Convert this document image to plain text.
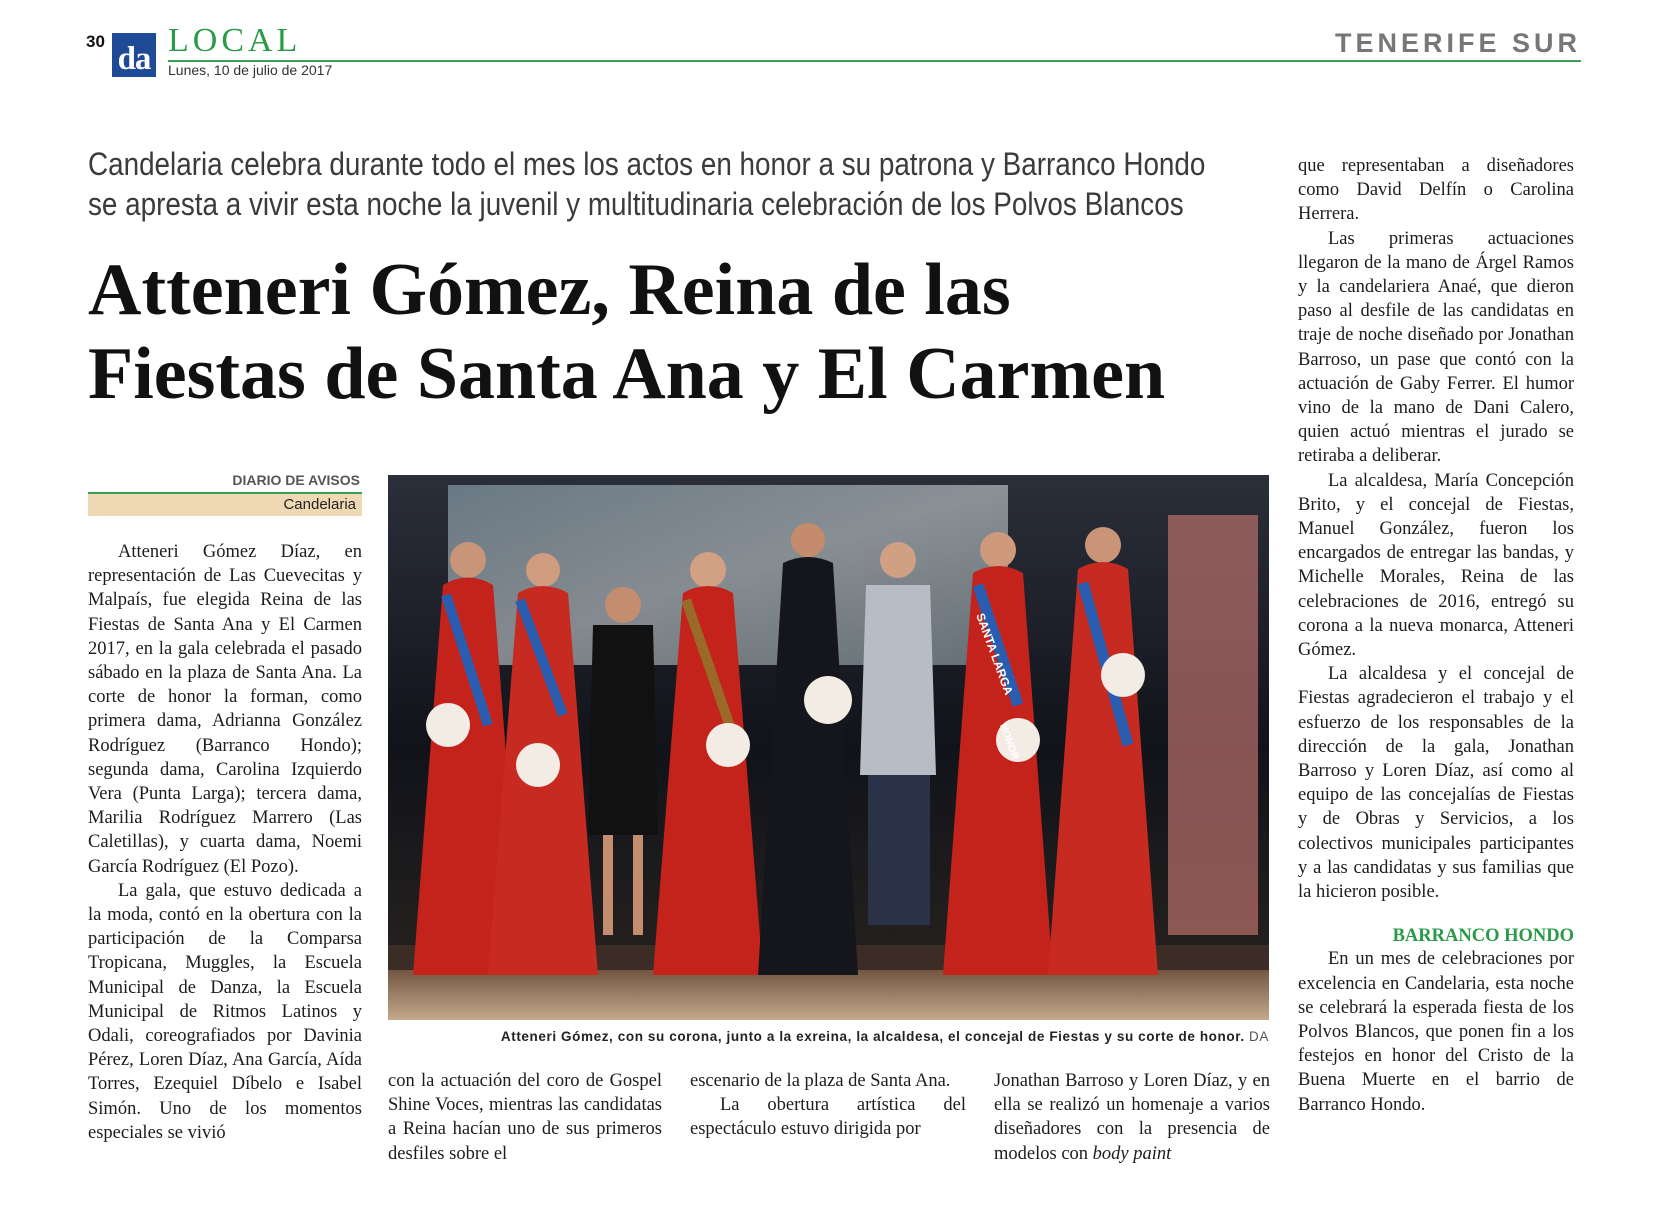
30 da LOCAL
Lunes, 10 de julio de 2017
TENERIFE SUR
Candelaria celebra durante todo el mes los actos en honor a su patrona y Barranco Hondo
se apresta a vivir esta noche la juvenil y multitudinaria celebración de los Polvos Blancos
Atteneri Gómez, Reina de las
Fiestas de Santa Ana y El Carmen
DIARIO DE AVISOS
Candelaria

Atteneri Gómez Díaz, en representación de Las Cuevecitas y Malpaís, fue elegida Reina de las Fiestas de Santa Ana y El Carmen 2017, en la gala celebrada el pasado sábado en la plaza de Santa Ana. La corte de honor la forman, como primera dama, Adrianna González Rodríguez (Barranco Hondo); segunda dama, Carolina Izquierdo Vera (Punta Larga); tercera dama, Marilia Rodríguez Marrero (Las Caletillas), y cuarta dama, Noemi García Rodríguez (El Pozo).

La gala, que estuvo dedicada a la moda, contó en la obertura con la participación de la Comparsa Tropicana, Muggles, la Escuela Municipal de Danza, la Escuela Municipal de Ritmos Latinos y Odali, coreografiados por Davinia Pérez, Loren Díaz, Ana García, Aída Torres, Ezequiel Díbelo e Isabel Simón. Uno de los momentos especiales se vivió

SANTA LARGA
HONOR
Atteneri Gómez, con su corona, junto a la exreina, la alcaldesa, el concejal de Fiestas y su corte de honor. DA

con la actuación del coro de Gospel Shine Voces, mientras las candidatas a Reina hacían uno de sus primeros desfiles sobre el

escenario de la plaza de Santa Ana.

La obertura artística del espectáculo estuvo dirigida por

Jonathan Barroso y Loren Díaz, y en ella se realizó un homenaje a varios diseñadores con la presencia de modelos con body paint

que representaban a diseñadores como David Delfín o Carolina Herrera.

Las primeras actuaciones llegaron de la mano de Árgel Ramos y la candelariera Anaé, que dieron paso al desfile de las candidatas en traje de noche diseñado por Jonathan Barroso, un pase que contó con la actuación de Gaby Ferrer. El humor vino de la mano de Dani Calero, quien actuó mientras el jurado se retiraba a deliberar.

La alcaldesa, María Concepción Brito, y el concejal de Fiestas, Manuel González, fueron los encargados de entregar las bandas, y Michelle Morales, Reina de las celebraciones de 2016, entregó su corona a la nueva monarca, Atteneri Gómez.

La alcaldesa y el concejal de Fiestas agradecieron el trabajo y el esfuerzo de los responsables de la dirección de la gala, Jonathan Barroso y Loren Díaz, así como al equipo de las concejalías de Fiestas y de Obras y Servicios, a los colectivos municipales participantes y a las candidatas y sus familias que la hicieron posible.

BARRANCO HONDO

En un mes de celebraciones por excelencia en Candelaria, esta noche se celebrará la esperada fiesta de los Polvos Blancos, que ponen fin a los festejos en honor del Cristo de la Buena Muerte en el barrio de Barranco Hondo.
